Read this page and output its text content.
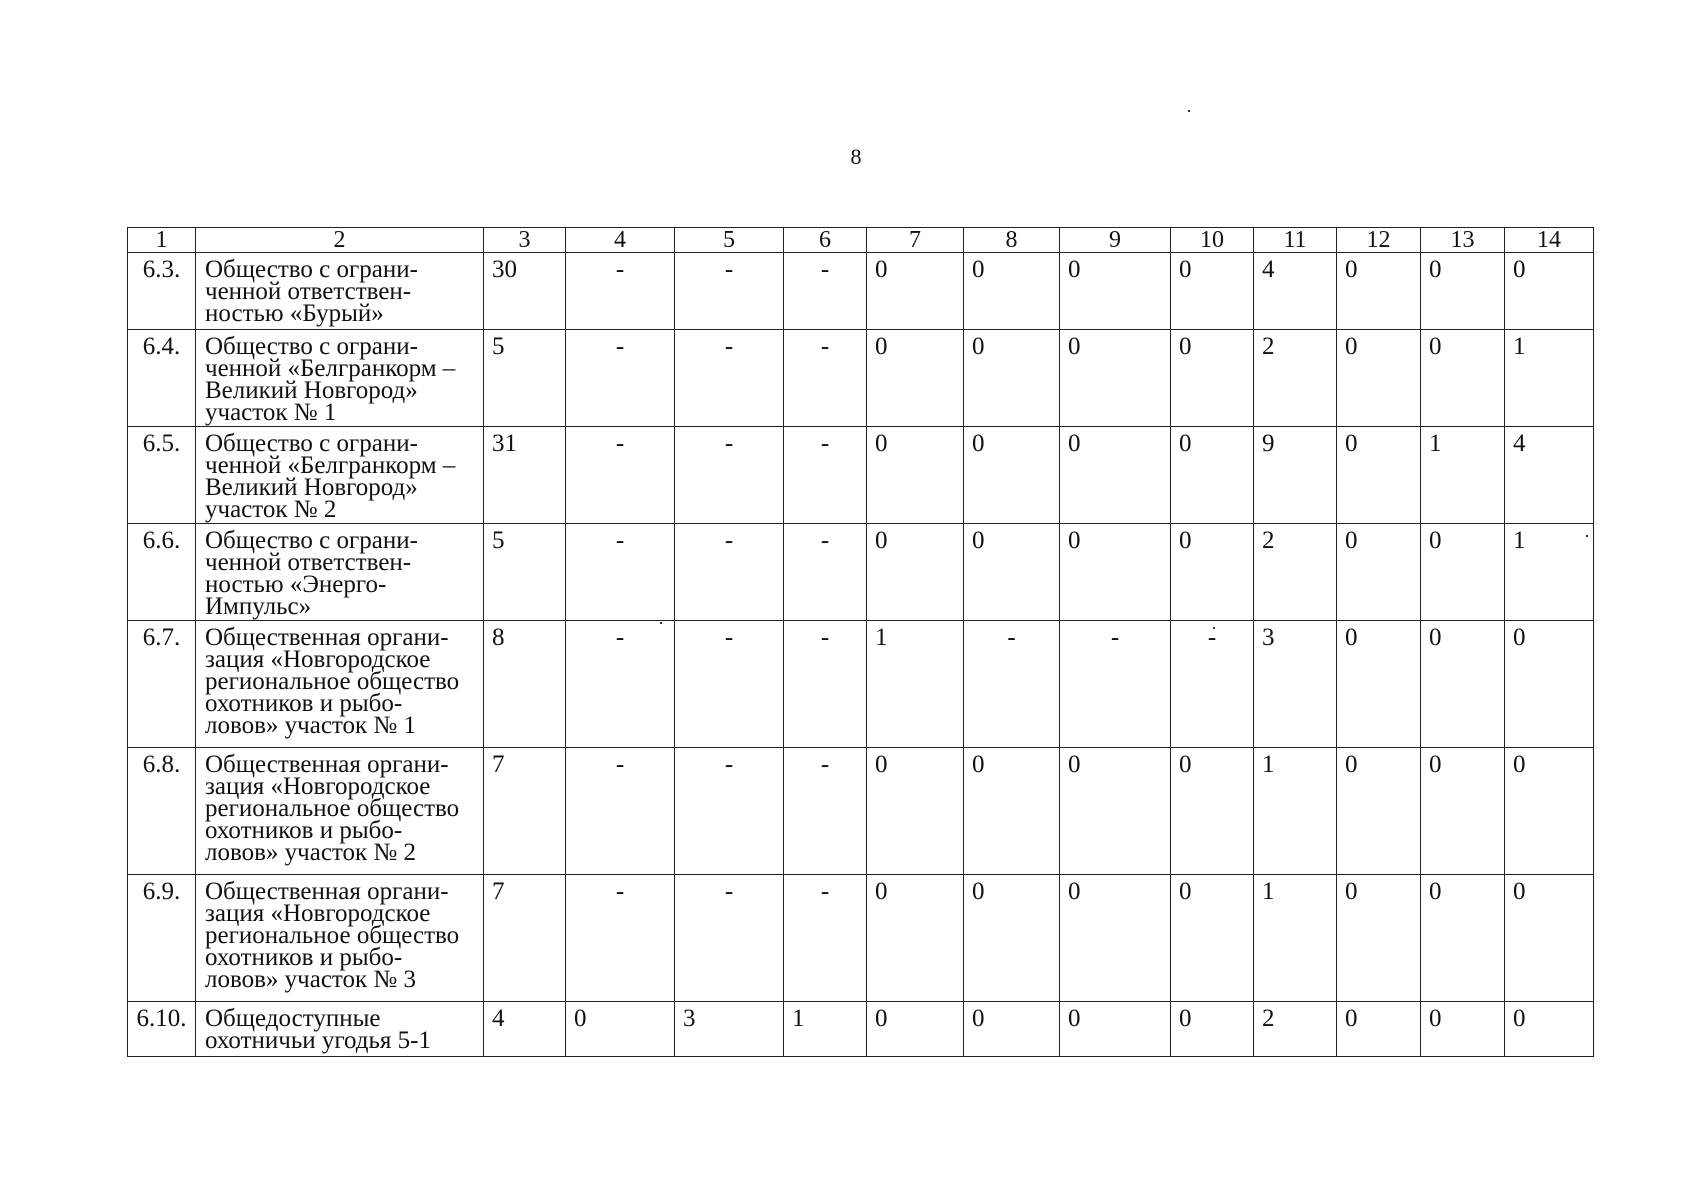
8
1	2	3	4	5	6	7	8	9	10	11	12	13	14
6.3.	Общество с ограни-
ченной ответствен-
ностью «Бурый»	30	-	-	-	0	0	0	0	4	0	0	0
6.4.	Общество с ограни-
ченной «Белгранкорм –
Великий Новгород»
участок № 1	5	-	-	-	0	0	0	0	2	0	0	1
6.5.	Общество с ограни-
ченной «Белгранкорм –
Великий Новгород»
участок № 2	31	-	-	-	0	0	0	0	9	0	1	4
6.6.	Общество с ограни-
ченной ответствен-
ностью «Энерго-
Импульс»	5	-	-	-	0	0	0	0	2	0	0	1
6.7.	Общественная органи-
зация «Новгородское
региональное общество
охотников и рыбо-
ловов» участок № 1	8	-	-	-	1	-	-	-	3	0	0	0
6.8.	Общественная органи-
зация «Новгородское
региональное общество
охотников и рыбо-
ловов» участок № 2	7	-	-	-	0	0	0	0	1	0	0	0
6.9.	Общественная органи-
зация «Новгородское
региональное общество
охотников и рыбо-
ловов» участок № 3	7	-	-	-	0	0	0	0	1	0	0	0
6.10.	Общедоступные
охотничьи угодья 5-1	4	0	3	1	0	0	0	0	2	0	0	0
